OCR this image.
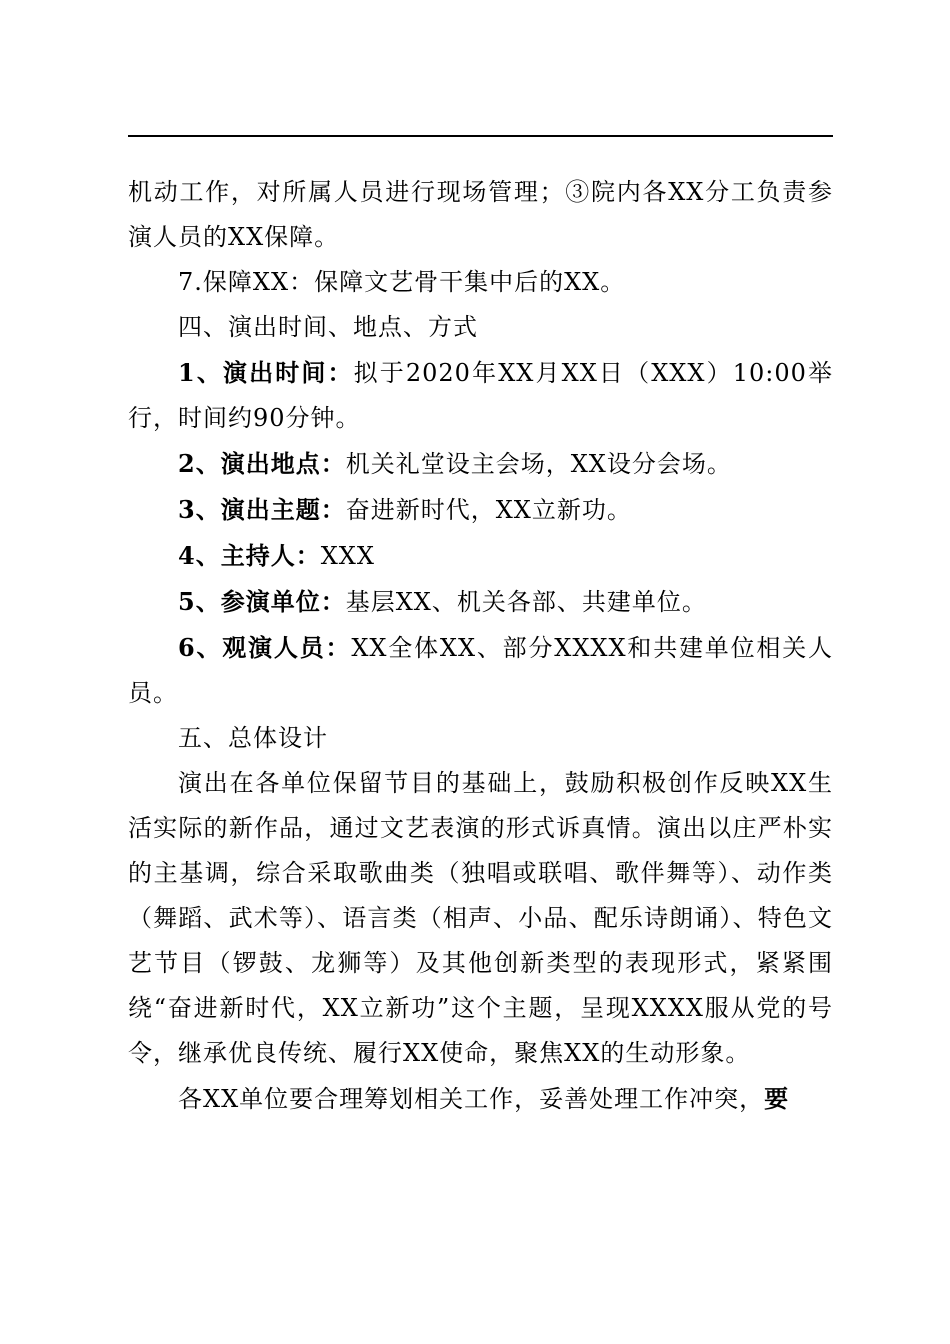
机动工作，对所属人员进行现场管理；③院内各XX分工负责参演人员的XX保障。

7.保障XX：保障文艺骨干集中后的XX。

四、演出时间、地点、方式

1、演出时间：拟于2020年XX月XX日（XXX）10:00举行，时间约90分钟。

2、演出地点：机关礼堂设主会场，XX设分会场。

3、演出主题：奋进新时代，XX立新功。

4、主持人：XXX

5、参演单位：基层XX、机关各部、共建单位。

6、观演人员：XX全体XX、部分XXXX和共建单位相关人员。

五、总体设计

演出在各单位保留节目的基础上，鼓励积极创作反映XX生活实际的新作品，通过文艺表演的形式诉真情。演出以庄严朴实的主基调，综合采取歌曲类（独唱或联唱、歌伴舞等）、动作类（舞蹈、武术等）、语言类（相声、小品、配乐诗朗诵）、特色文艺节目（锣鼓、龙狮等）及其他创新类型的表现形式，紧紧围绕“奋进新时代，XX立新功”这个主题，呈现XXXX服从党的号令，继承优良传统、履行XX使命，聚焦XX的生动形象。

各XX单位要合理筹划相关工作，妥善处理工作冲突，要
